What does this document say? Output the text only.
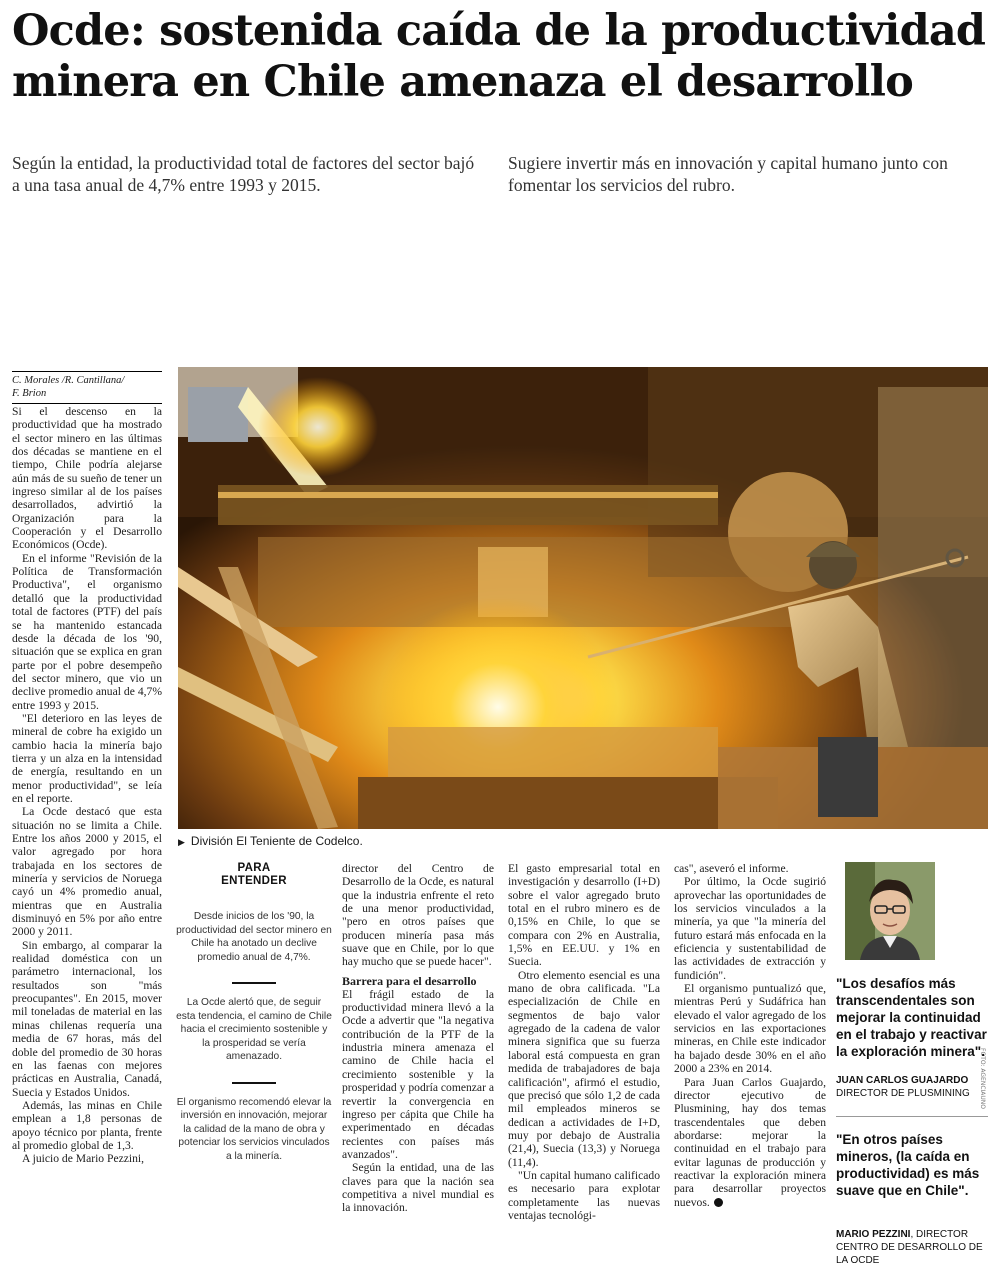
Ocde: sostenida caída de la productividad minera en Chile amenaza el desarrollo

Según la entidad, la productividad total de factores del sector bajó a una tasa anual de 4,7% entre 1993 y 2015.

Sugiere invertir más en innovación y capital humano junto con fomentar los servicios del rubro.

C. Morales /R. Cantillana/
F. Brion

Si el descenso en la productividad que ha mostrado el sector minero en las últimas dos décadas se mantiene en el tiempo, Chile podría alejarse aún más de su sueño de tener un ingreso similar al de los países desarrollados, advirtió la Organización para la Cooperación y el Desarrollo Económicos (Ocde).

En el informe "Revisión de la Política de Transformación Productiva", el organismo detalló que la productividad total de factores (PTF) del país se ha mantenido estancada desde la década de los '90, situación que se explica en gran parte por el pobre desempeño del sector minero, que vio un declive promedio anual de 4,7% entre 1993 y 2015.

"El deterioro en las leyes de mineral de cobre ha exigido un cambio hacia la minería bajo tierra y un alza en la intensidad de energía, resultando en un menor productividad", se leía en el reporte.

La Ocde destacó que esta situación no se limita a Chile. Entre los años 2000 y 2015, el valor agregado por hora trabajada en los sectores de minería y servicios de Noruega cayó un 4% promedio anual, mientras que en Australia disminuyó en 5% por año entre 2000 y 2011.

Sin embargo, al comparar la realidad doméstica con un parámetro internacional, los resultados son "más preocupantes". En 2015, mover mil toneladas de material en las minas chilenas requería una media de 67 horas, más del doble del promedio de 30 horas en las faenas con mejores prácticas en Australia, Canadá, Suecia y Estados Unidos.

Además, las minas en Chile emplean a 1,8 personas de apoyo técnico por planta, frente al promedio global de 1,3.

A juicio de Mario Pezzini,

FOTO: AGENCIAUNO
▶ División El Teniente de Codelco.
PARA
ENTENDER
Desde inicios de los '90, la productividad del sector minero en Chile ha anotado un declive promedio anual de 4,7%.
La Ocde alertó que, de seguir esta tendencia, el camino de Chile hacia el crecimiento sostenible y la prosperidad se vería amenazado.
El organismo recomendó elevar la inversión en innovación, mejorar la calidad de la mano de obra y potenciar los servicios vinculados a la minería.

director del Centro de Desarrollo de la Ocde, es natural que la industria enfrente el reto de una menor productividad, "pero en otros países que producen minería pasa más suave que en Chile, por lo que hay mucho que se puede hacer".

Barrera para el desarrollo

El frágil estado de la productividad minera llevó a la Ocde a advertir que "la negativa contribución de la PTF de la industria minera amenaza el camino de Chile hacia el crecimiento sostenible y la prosperidad y podría comenzar a revertir la convergencia en ingreso per cápita que Chile ha experimentado en décadas recientes con países más avanzados".

Según la entidad, una de las claves para que la nación sea competitiva a nivel mundial es la innovación.

El gasto empresarial total en investigación y desarrollo (I+D) sobre el valor agregado bruto total en el rubro minero es de 0,15% en Chile, lo que se compara con 2% en Australia, 1,5% en EE.UU. y 1% en Suecia.

Otro elemento esencial es una mano de obra calificada. "La especialización de Chile en segmentos de bajo valor agregado de la cadena de valor minera significa que su fuerza laboral está compuesta en gran medida de trabajadores de baja calificación", afirmó el estudio, que precisó que sólo 1,2 de cada mil empleados mineros se dedican a actividades de I+D, muy por debajo de Australia (21,4), Suecia (13,3) y Noruega (11,4).

"Un capital humano calificado es necesario para explotar completamente las nuevas ventajas tecnológi-

cas", aseveró el informe.

Por último, la Ocde sugirió aprovechar las oportunidades de los servicios vinculados a la minería, ya que "la minería del futuro estará más enfocada en la eficiencia y sustentabilidad de las actividades de extracción y fundición".

El organismo puntualizó que, mientras Perú y Sudáfrica han elevado el valor agregado de los servicios en las exportaciones mineras, en Chile este indicador ha bajado desde 30% en el año 2000 a 23% en 2014.

Para Juan Carlos Guajardo, director ejecutivo de Plusmining, hay dos temas trascendentales que deben abordarse: mejorar la continuidad en el trabajo para evitar lagunas de producción y reactivar la exploración minera para desarrollar proyectos nuevos.

"Los desafíos más transcendentales son mejorar la continuidad en el trabajo y reactivar la exploración minera".
JUAN CARLOS GUAJARDO
DIRECTOR DE PLUSMINING
"En otros países mineros, (la caída en productividad) es más suave que en Chile".
MARIO PEZZINI, DIRECTOR CENTRO DE DESARROLLO DE LA OCDE
